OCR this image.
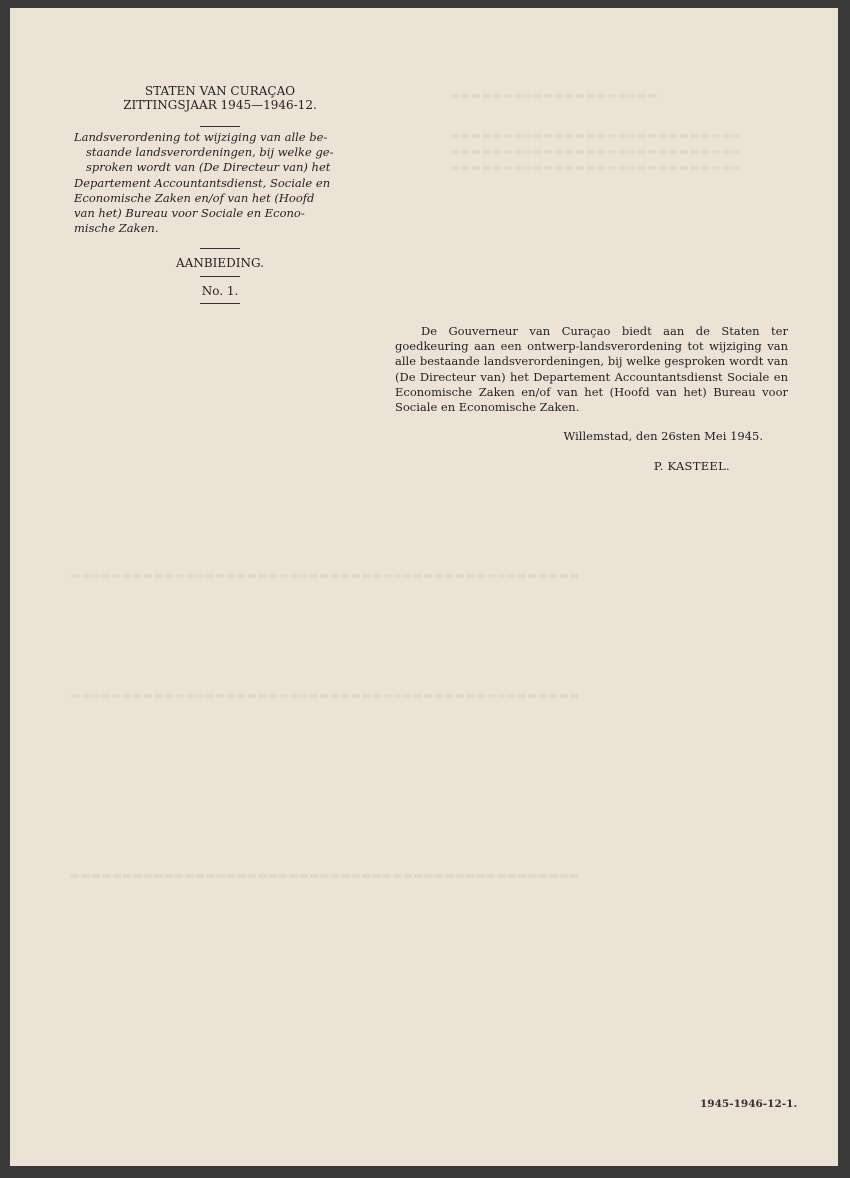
▬▬▬▬▬▬▬▬▬▬▬▬▬▬▬▬▬▬▬▬
▬▬▬▬▬▬▬▬▬▬▬▬▬▬▬▬▬▬▬▬▬▬▬▬▬▬▬▬
▬▬▬▬▬▬▬▬▬▬▬▬▬▬▬▬▬▬▬▬▬▬▬▬▬▬▬▬
▬▬▬▬▬▬▬▬▬▬▬▬▬▬▬▬▬▬▬▬▬▬▬▬▬▬▬▬
▬▬▬▬▬▬▬▬▬▬▬▬▬▬▬▬▬▬▬▬▬▬▬▬▬▬▬▬▬▬▬▬▬▬▬▬▬▬▬▬▬▬▬▬▬▬▬▬▬
▬▬▬▬▬▬▬▬▬▬▬▬▬▬▬▬▬▬▬▬▬▬▬▬▬▬▬▬▬▬▬▬▬▬▬▬▬▬▬▬▬▬▬▬▬▬▬▬▬
▬▬▬▬▬▬▬▬▬▬▬▬▬▬▬▬▬▬▬▬▬▬▬▬▬▬▬▬▬▬▬▬▬▬▬▬▬▬▬▬▬▬▬▬▬▬▬▬▬
STATEN VAN CURAÇAO
ZITTINGSJAAR 1945—1946-12.
Landsverordening tot wijziging van alle be-
staande landsverordeningen, bij welke ge-
sproken wordt van (De Directeur van) het
Departement Accountantsdienst, Sociale en
Economische Zaken en/of van het (Hoofd
van het) Bureau voor Sociale en Econo-
mische Zaken.
AANBIEDING.
No. 1.

De Gouverneur van Curaçao biedt aan de Staten ter goedkeuring aan een ontwerp-landsverordening tot wijziging van alle bestaande landsverordeningen, bij welke gesproken wordt van (De Directeur van) het Departement Accountantsdienst Sociale en Economische Zaken en/of van het (Hoofd van het) Bureau voor Sociale en Economische Zaken.

Willemstad, den 26sten Mei 1945.
P. KASTEEL.
1945-1946-12-1.
